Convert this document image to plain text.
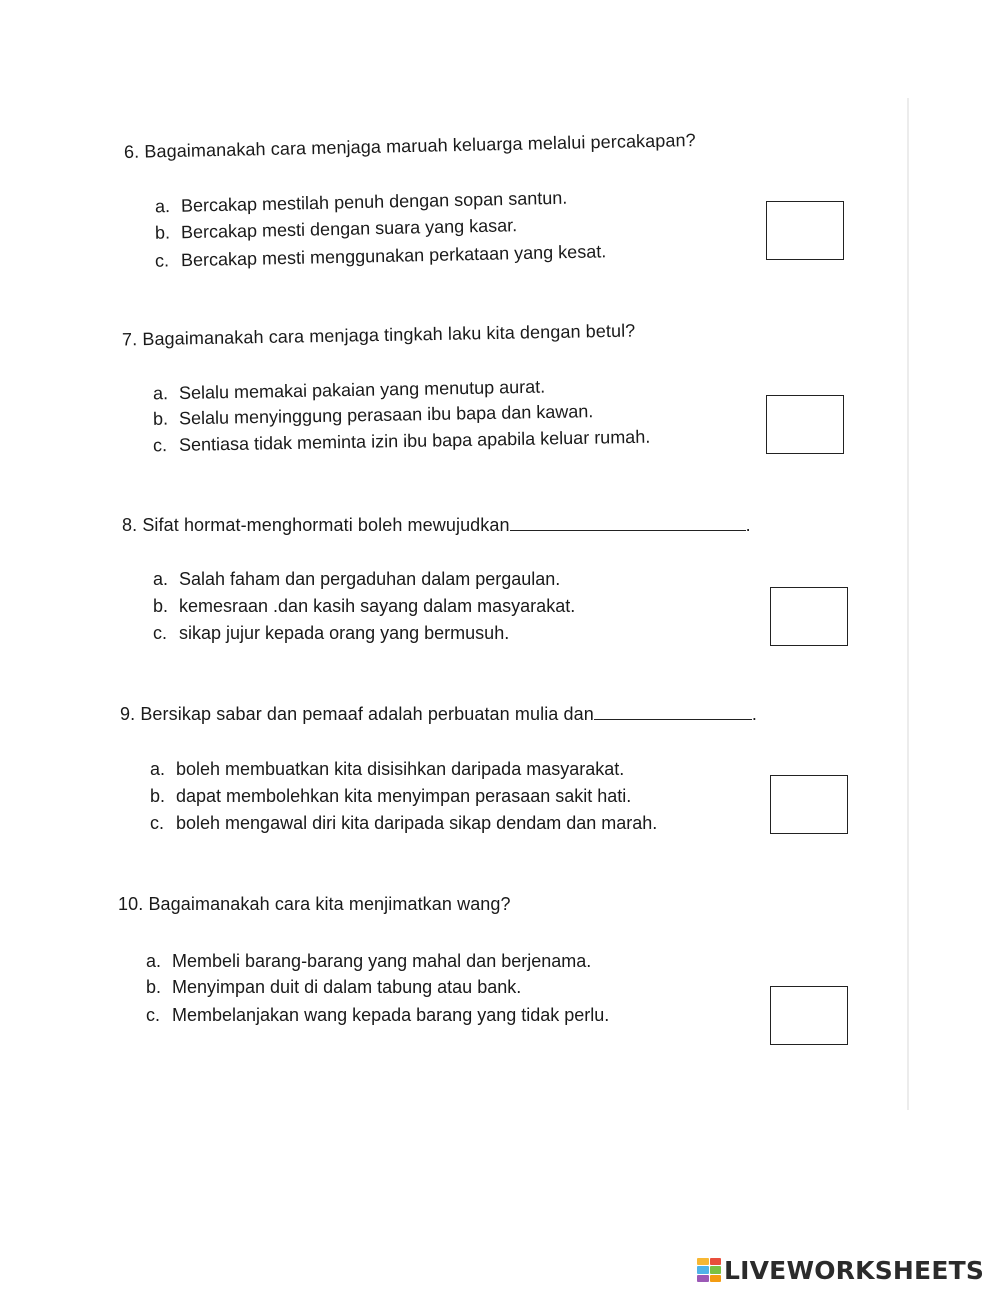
6. Bagaimanakah cara menjaga maruah keluarga melalui percakapan?
a. Bercakap mestilah penuh dengan sopan santun.
b. Bercakap mesti dengan suara yang kasar.
c. Bercakap mesti menggunakan perkataan yang kesat.
7. Bagaimanakah cara menjaga tingkah laku kita dengan betul?
a. Selalu memakai pakaian yang menutup aurat.
b. Selalu menyinggung perasaan ibu bapa dan kawan.
c. Sentiasa tidak meminta izin ibu bapa apabila keluar rumah.
8. Sifat hormat-menghormati boleh mewujudkan	.
a. Salah faham dan pergaduhan dalam pergaulan.
b. kemesraan .dan kasih sayang dalam masyarakat.
c. sikap jujur kepada orang yang bermusuh.
9. Bersikap sabar dan pemaaf adalah perbuatan mulia dan	.
a. boleh membuatkan kita disisihkan daripada masyarakat.
b. dapat membolehkan kita menyimpan perasaan sakit hati.
c. boleh mengawal diri kita daripada sikap dendam dan marah.
10. Bagaimanakah cara kita menjimatkan wang?
a. Membeli barang-barang yang mahal dan berjenama.
b. Menyimpan duit di dalam tabung atau bank.
c. Membelanjakan wang kepada barang yang tidak perlu.
LIVEWORKSHEETS
